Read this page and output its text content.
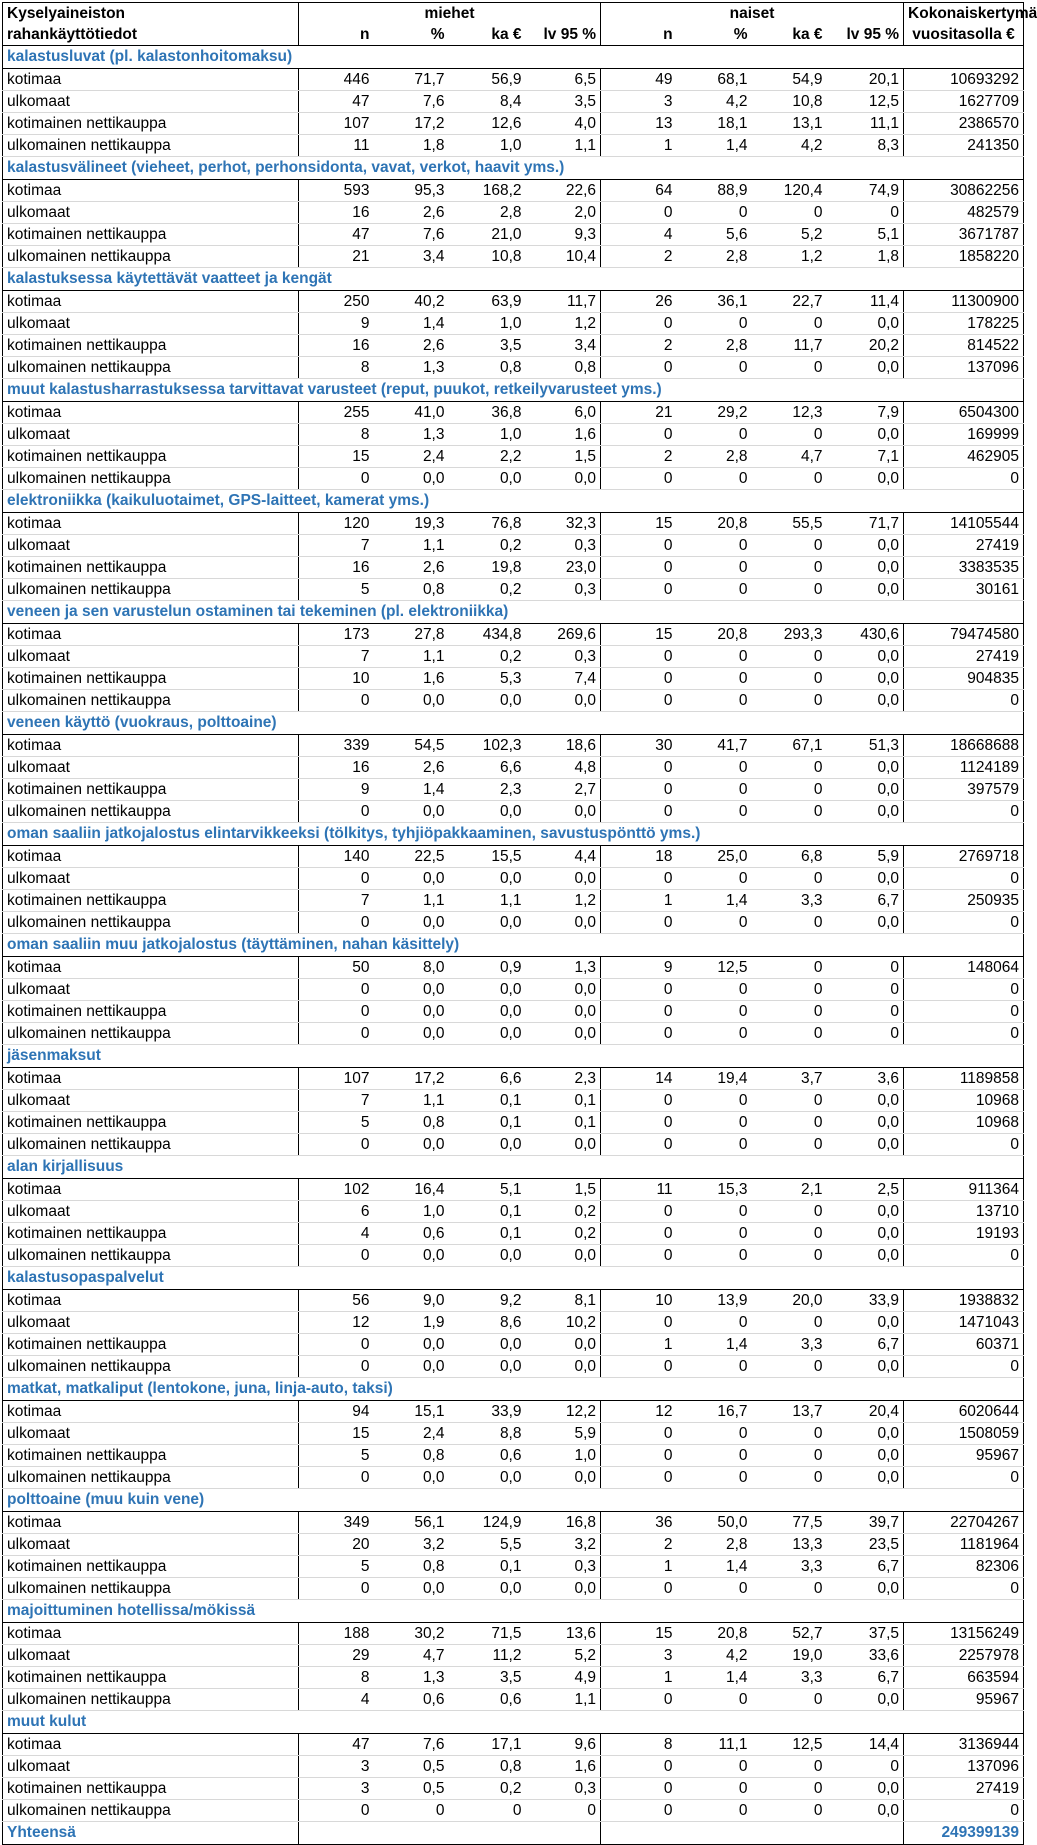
Kyselyaineiston	miehet				naiset				Kokonaiskertymä
rahankäyttötiedot	n	%	ka €	lv 95 %	n	%	ka €	lv 95 %	vuositasolla €
kalastusluvat (pl. kalastonhoitomaksu)									
kotimaa	446	71,7	56,9	6,5	49	68,1	54,9	20,1	10693292
ulkomaat	47	7,6	8,4	3,5	3	4,2	10,8	12,5	1627709
kotimainen nettikauppa	107	17,2	12,6	4,0	13	18,1	13,1	11,1	2386570
ulkomainen nettikauppa	11	1,8	1,0	1,1	1	1,4	4,2	8,3	241350
kalastusvälineet (vieheet, perhot, perhonsidonta, vavat, verkot, haavit yms.)									
kotimaa	593	95,3	168,2	22,6	64	88,9	120,4	74,9	30862256
ulkomaat	16	2,6	2,8	2,0	0	0	0	0	482579
kotimainen nettikauppa	47	7,6	21,0	9,3	4	5,6	5,2	5,1	3671787
ulkomainen nettikauppa	21	3,4	10,8	10,4	2	2,8	1,2	1,8	1858220
kalastuksessa käytettävät vaatteet ja kengät									
kotimaa	250	40,2	63,9	11,7	26	36,1	22,7	11,4	11300900
ulkomaat	9	1,4	1,0	1,2	0	0	0	0,0	178225
kotimainen nettikauppa	16	2,6	3,5	3,4	2	2,8	11,7	20,2	814522
ulkomainen nettikauppa	8	1,3	0,8	0,8	0	0	0	0,0	137096
muut kalastusharrastuksessa tarvittavat varusteet (reput, puukot, retkeilyvarusteet yms.)									
kotimaa	255	41,0	36,8	6,0	21	29,2	12,3	7,9	6504300
ulkomaat	8	1,3	1,0	1,6	0	0	0	0,0	169999
kotimainen nettikauppa	15	2,4	2,2	1,5	2	2,8	4,7	7,1	462905
ulkomainen nettikauppa	0	0,0	0,0	0,0	0	0	0	0,0	0
elektroniikka (kaikuluotaimet, GPS-laitteet, kamerat yms.)									
kotimaa	120	19,3	76,8	32,3	15	20,8	55,5	71,7	14105544
ulkomaat	7	1,1	0,2	0,3	0	0	0	0,0	27419
kotimainen nettikauppa	16	2,6	19,8	23,0	0	0	0	0,0	3383535
ulkomainen nettikauppa	5	0,8	0,2	0,3	0	0	0	0,0	30161
veneen ja sen varustelun ostaminen tai tekeminen (pl. elektroniikka)									
kotimaa	173	27,8	434,8	269,6	15	20,8	293,3	430,6	79474580
ulkomaat	7	1,1	0,2	0,3	0	0	0	0,0	27419
kotimainen nettikauppa	10	1,6	5,3	7,4	0	0	0	0,0	904835
ulkomainen nettikauppa	0	0,0	0,0	0,0	0	0	0	0,0	0
veneen käyttö (vuokraus, polttoaine)									
kotimaa	339	54,5	102,3	18,6	30	41,7	67,1	51,3	18668688
ulkomaat	16	2,6	6,6	4,8	0	0	0	0,0	1124189
kotimainen nettikauppa	9	1,4	2,3	2,7	0	0	0	0,0	397579
ulkomainen nettikauppa	0	0,0	0,0	0,0	0	0	0	0,0	0
oman saaliin jatkojalostus elintarvikkeeksi (tölkitys, tyhjiöpakkaaminen, savustuspönttö yms.)									
kotimaa	140	22,5	15,5	4,4	18	25,0	6,8	5,9	2769718
ulkomaat	0	0,0	0,0	0,0	0	0	0	0,0	0
kotimainen nettikauppa	7	1,1	1,1	1,2	1	1,4	3,3	6,7	250935
ulkomainen nettikauppa	0	0,0	0,0	0,0	0	0	0	0,0	0
oman saaliin muu jatkojalostus (täyttäminen, nahan käsittely)									
kotimaa	50	8,0	0,9	1,3	9	12,5	0	0	148064
ulkomaat	0	0,0	0,0	0,0	0	0	0	0	0
kotimainen nettikauppa	0	0,0	0,0	0,0	0	0	0	0	0
ulkomainen nettikauppa	0	0,0	0,0	0,0	0	0	0	0	0
jäsenmaksut									
kotimaa	107	17,2	6,6	2,3	14	19,4	3,7	3,6	1189858
ulkomaat	7	1,1	0,1	0,1	0	0	0	0,0	10968
kotimainen nettikauppa	5	0,8	0,1	0,1	0	0	0	0,0	10968
ulkomainen nettikauppa	0	0,0	0,0	0,0	0	0	0	0,0	0
alan kirjallisuus									
kotimaa	102	16,4	5,1	1,5	11	15,3	2,1	2,5	911364
ulkomaat	6	1,0	0,1	0,2	0	0	0	0,0	13710
kotimainen nettikauppa	4	0,6	0,1	0,2	0	0	0	0,0	19193
ulkomainen nettikauppa	0	0,0	0,0	0,0	0	0	0	0,0	0
kalastusopaspalvelut									
kotimaa	56	9,0	9,2	8,1	10	13,9	20,0	33,9	1938832
ulkomaat	12	1,9	8,6	10,2	0	0	0	0,0	1471043
kotimainen nettikauppa	0	0,0	0,0	0,0	1	1,4	3,3	6,7	60371
ulkomainen nettikauppa	0	0,0	0,0	0,0	0	0	0	0,0	0
matkat, matkaliput (lentokone, juna, linja-auto, taksi)									
kotimaa	94	15,1	33,9	12,2	12	16,7	13,7	20,4	6020644
ulkomaat	15	2,4	8,8	5,9	0	0	0	0,0	1508059
kotimainen nettikauppa	5	0,8	0,6	1,0	0	0	0	0,0	95967
ulkomainen nettikauppa	0	0,0	0,0	0,0	0	0	0	0,0	0
polttoaine (muu kuin vene)									
kotimaa	349	56,1	124,9	16,8	36	50,0	77,5	39,7	22704267
ulkomaat	20	3,2	5,5	3,2	2	2,8	13,3	23,5	1181964
kotimainen nettikauppa	5	0,8	0,1	0,3	1	1,4	3,3	6,7	82306
ulkomainen nettikauppa	0	0,0	0,0	0,0	0	0	0	0,0	0
majoittuminen hotellissa/mökissä									
kotimaa	188	30,2	71,5	13,6	15	20,8	52,7	37,5	13156249
ulkomaat	29	4,7	11,2	5,2	3	4,2	19,0	33,6	2257978
kotimainen nettikauppa	8	1,3	3,5	4,9	1	1,4	3,3	6,7	663594
ulkomainen nettikauppa	4	0,6	0,6	1,1	0	0	0	0,0	95967
muut kulut									
kotimaa	47	7,6	17,1	9,6	8	11,1	12,5	14,4	3136944
ulkomaat	3	0,5	0,8	1,6	0	0	0	0	137096
kotimainen nettikauppa	3	0,5	0,2	0,3	0	0	0	0,0	27419
ulkomainen nettikauppa	0	0	0	0	0	0	0	0,0	0
Yhteensä									249399139
